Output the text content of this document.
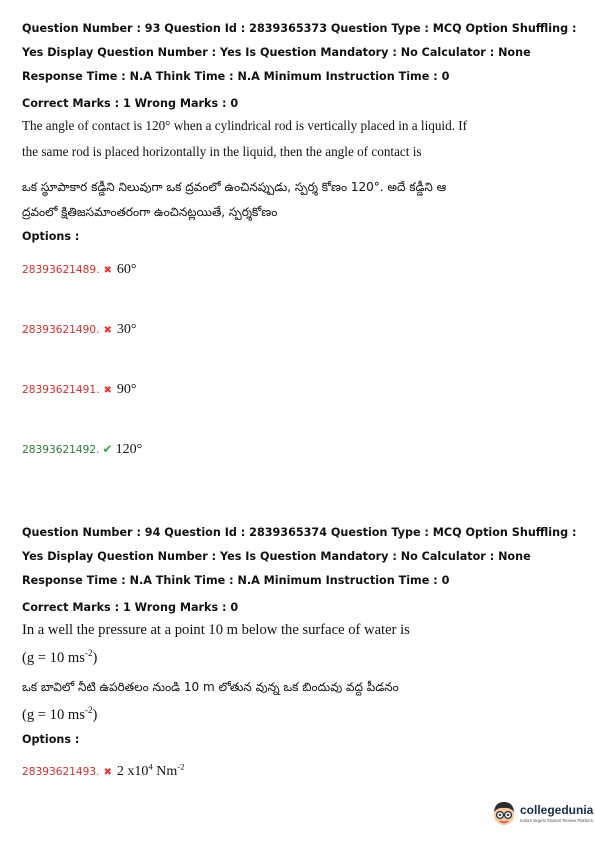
Question Number : 93 Question Id : 2839365373 Question Type : MCQ Option Shuffling : Yes Display Question Number : Yes Is Question Mandatory : No Calculator : None Response Time : N.A Think Time : N.A Minimum Instruction Time : 0
Correct Marks : 1 Wrong Marks : 0
The angle of contact is 120° when a cylindrical rod is vertically placed in a liquid. If
the same rod is placed horizontally in the liquid, then the angle of contact is
ఒక స్థూపాకార కడ్డీని నిలువుగా ఒక ద్రవంలో ఉంచినప్పుడు, స్పర్శ కోణం 120°. అదే కడ్డీని ఆ
ద్రవంలో క్షితిజసమాంతరంగా ఉంచినట్లయితే, స్పర్శకోణం
Options :
28393621489. ✖ 60°
28393621490. ✖ 30°
28393621491. ✖ 90°
28393621492. ✔ 120°
Question Number : 94 Question Id : 2839365374 Question Type : MCQ Option Shuffling : Yes Display Question Number : Yes Is Question Mandatory : No Calculator : None Response Time : N.A Think Time : N.A Minimum Instruction Time : 0
Correct Marks : 1 Wrong Marks : 0
In a well the pressure at a point 10 m below the surface of water is
(g = 10 $ms^{-2}$)
ఒక బావిలో నీటి ఉపరితలం నుండి 10 m లోతున వున్న ఒక బిందువు వద్ద పీడనం
(g = 10 $ms^{-2}$)
Options :
28393621493. ✖ 2 $x10^4$ $Nm^{-2}$
collegedunia
India's largest Student Review Platform
